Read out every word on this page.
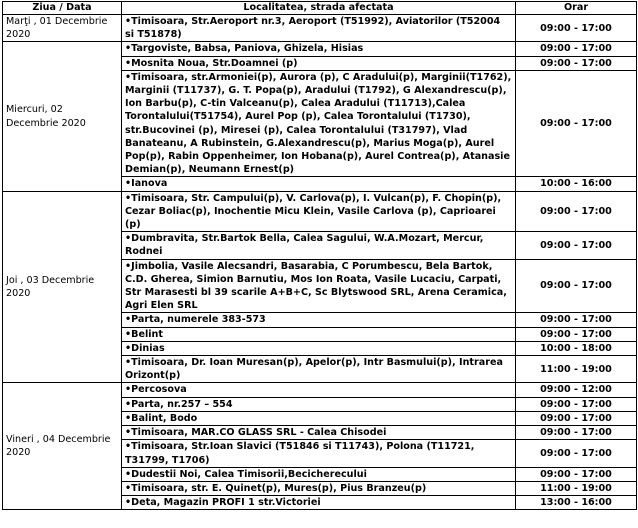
Ziua / Data	Localitatea, strada afectata	Orar
Marţi , 01 Decembrie 2020	•Timisoara, Str.Aeroport nr.3, Aeroport (T51992), Aviatorilor (T52004 si T51878)	09:00 - 17:00
Miercuri, 02 Decembrie 2020	•Targoviste, Babsa, Paniova, Ghizela, Hisias	09:00 - 17:00
	•Mosnita Noua, Str.Doamnei (p)	09:00 - 17:00
	•Timisoara, str.Armoniei(p), Aurora (p), C Aradului(p), Marginii(T1762), Marginii (T11737), G. T. Popa(p), Aradului (T1792), G Alexandrescu(p), Ion Barbu(p), C-tin Valceanu(p), Calea Aradului (T11713),Calea Torontalului(T51754), Aurel Pop (p), Calea Torontalului (T1730), str.Bucovinei (p), Miresei (p), Calea Torontalului (T31797), Vlad Banateanu, A Rubinstein, G.Alexandrescu(p), Marius Moga(p), Aurel Pop(p), Rabin Oppenheimer, Ion Hobana(p), Aurel Contrea(p), Atanasie Demian(p), Neumann Ernest(p)	09:00 - 17:00
	•Ianova	10:00 - 16:00
Joi , 03 Decembrie 2020	•Timisoara, Str. Campului(p), V. Carlova(p), I. Vulcan(p), F. Chopin(p), Cezar Boliac(p), Inochentie Micu Klein, Vasile Carlova (p), Caprioarei (p)	09:00 - 17:00
	•Dumbravita, Str.Bartok Bella, Calea Sagului, W.A.Mozart, Mercur, Rodnei	09:00 - 17:00
	•Jimbolia, Vasile Alecsandri, Basarabia, C Porumbescu, Bela Bartok, C.D. Gherea, Simion Barnutiu, Mos Ion Roata, Vasile Lucaciu, Carpati, Str Marasesti bl 39 scarile A+B+C, Sc Blytswood SRL, Arena Ceramica, Agri Elen SRL	09:00 - 17:00
	•Parta, numerele 383-573	09:00 - 17:00
	•Belint	09:00 - 17:00
	•Dinias	10:00 - 18:00
	•Timisoara, Dr. Ioan Muresan(p), Apelor(p), Intr Basmului(p), Intrarea Orizont(p)	11:00 - 19:00
Vineri , 04 Decembrie 2020	•Percosova	09:00 - 12:00
	•Parta, nr.257 – 554	09:00 - 17:00
	•Balint, Bodo	09:00 - 17:00
	•Timisoara, MAR.CO GLASS SRL - Calea Chisodei	09:00 - 17:00
	•Timisoara, Str.Ioan Slavici (T51846 si T11743), Polona (T11721, T31799, T1706)	09:00 - 17:00
	•Dudestii Noi, Calea Timisorii,Becicherecului	09:00 - 17:00
	•Timisoara, str. E. Quinet(p), Mures(p), Pius Branzeu(p)	11:00 - 19:00
	•Deta, Magazin PROFI 1 str.Victoriei	13:00 - 16:00
